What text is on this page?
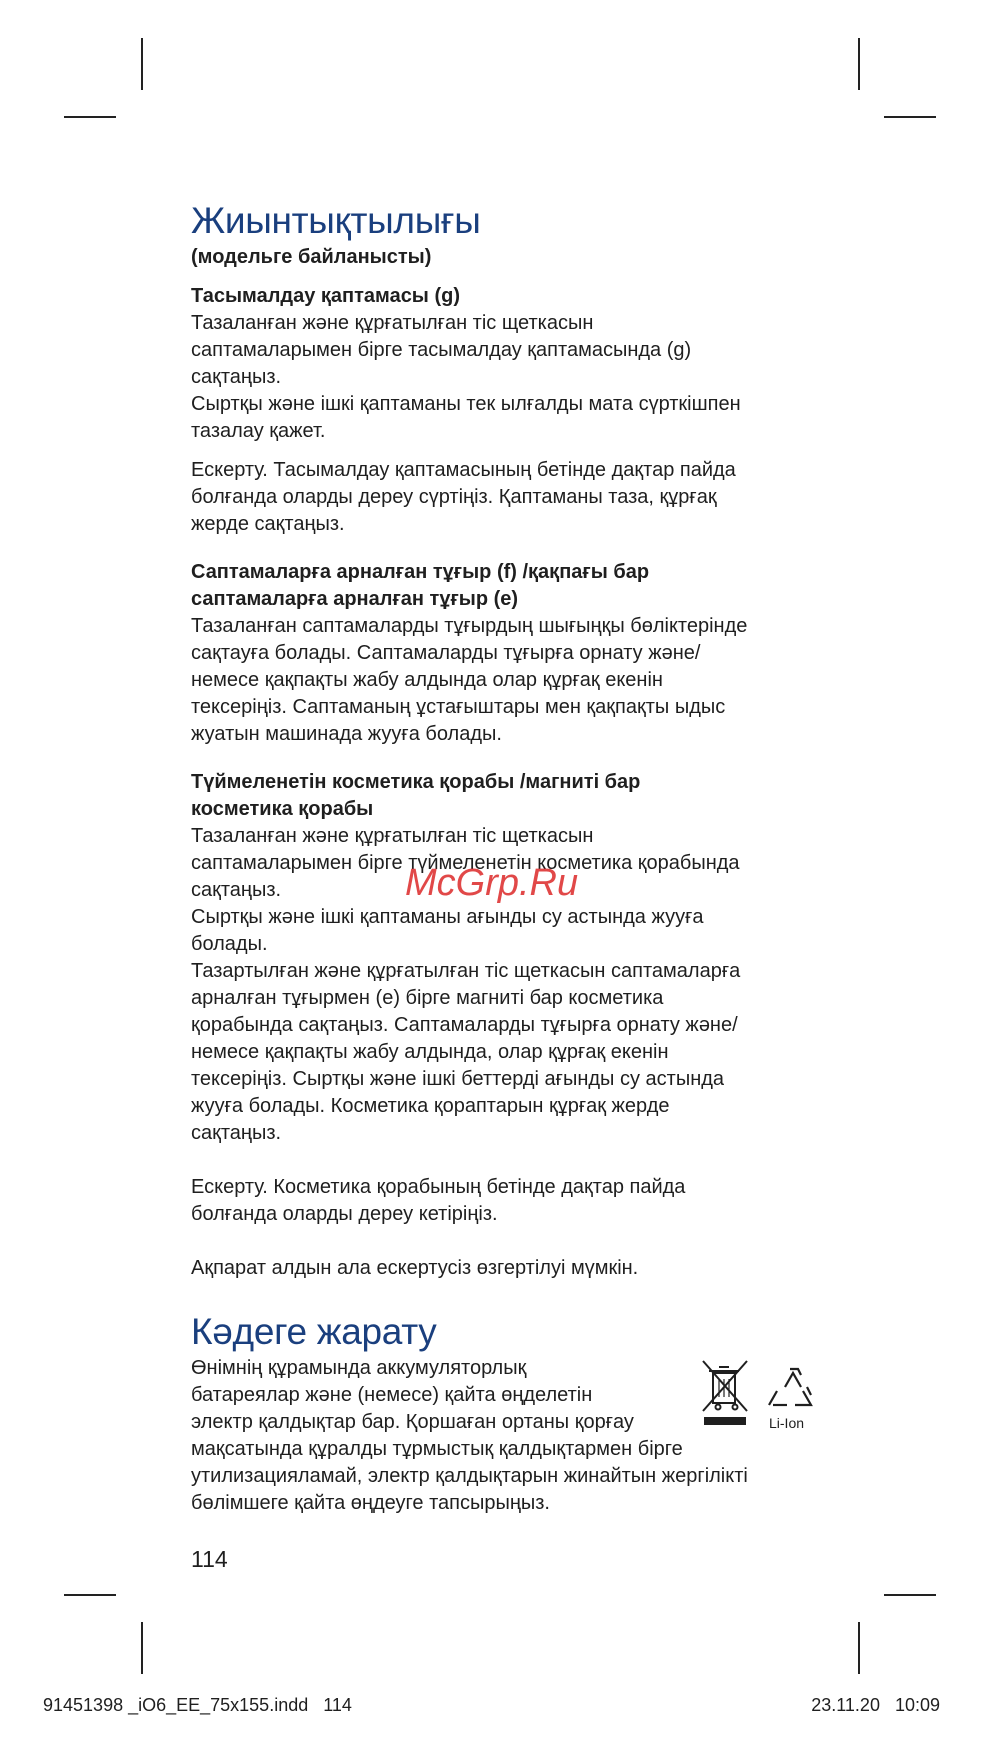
Жиынтықтылығы

(модельге байланысты)

Тасымалдау қаптамасы (g)

Тазаланған және құрғатылған тіс щеткасын

саптамаларымен бірге тасымалдау қаптамасында (g)

сақтаңыз.

Сыртқы және ішкі қаптаманы тек ылғалды мата сүрткішпен

тазалау қажет.

Ескерту. Тасымалдау қаптамасының бетінде дақтар пайда

болғанда оларды дереу сүртіңіз. Қаптаманы таза, құрғақ

жерде сақтаңыз.

Саптамаларға арналған тұғыр (f) /қақпағы бар

саптамаларға арналған тұғыр (e)

Тазаланған саптамаларды тұғырдың шығыңқы бөліктерінде

сақтауға болады. Саптамаларды тұғырға орнату және/

немесе қақпақты жабу алдында олар құрғақ екенін

тексеріңіз. Саптаманың ұстағыштары мен қақпақты ыдыс

жуатын машинада жууға болады.

Түймеленетін косметика қорабы /магниті бар

косметика қорабы

Тазаланған және құрғатылған тіс щеткасын

саптамаларымен бірге түймеленетін косметика қорабында

сақтаңыз.

Сыртқы және ішкі қаптаманы ағынды су астында жууға

болады.

Тазартылған және құрғатылған тіс щеткасын саптамаларға

арналған тұғырмен (e) бірге магниті бар косметика

қорабында сақтаңыз. Саптамаларды тұғырға орнату және/

немесе қақпақты жабу алдында, олар құрғақ екенін

тексеріңіз. Сыртқы және ішкі беттерді ағынды су астында

жууға болады. Косметика қораптарын құрғақ жерде

сақтаңыз.

Ескерту. Косметика қорабының бетінде дақтар пайда

болғанда оларды дереу кетіріңіз.

Ақпарат алдын ала ескертусіз өзгертілуі мүмкін.

Кәдеге жарату

Өнімнің құрамында аккумуляторлық

батареялар және (немесе) қайта өңделетін

электр қалдықтар бар. Қоршаған ортаны қорғау

мақсатында құралды тұрмыстық қалдықтармен бірге

утилизацияламай, электр қалдықтарын жинайтын жергілікті

бөлімшеге қайта өңдеуге тапсырыңыз.

Li-Ion
McGrp.Ru
114
91451398 _iO6_EE_75x155.indd   114	23.11.20   10:09
